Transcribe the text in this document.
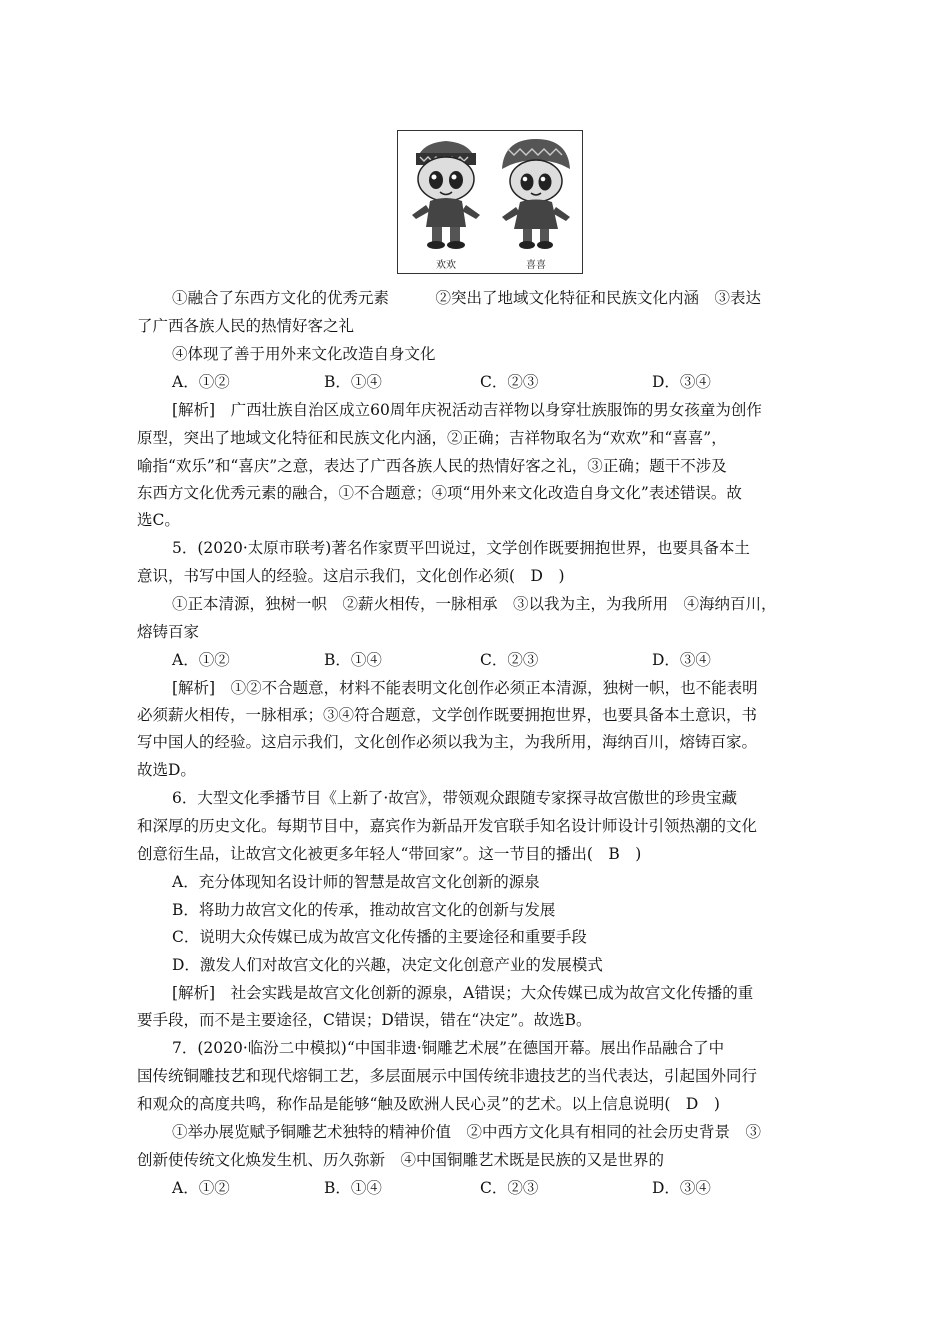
欢欢	喜喜
①融合了东西方文化的优秀元素　　　②突出了地域文化特征和民族文化内涵　③表达
了广西各族人民的热情好客之礼
④体现了善于用外来文化改造自身文化
A．①②	B．①④	C．②③	D．③④
[解析]　广西壮族自治区成立60周年庆祝活动吉祥物以身穿壮族服饰的男女孩童为创作
原型，突出了地域文化特征和民族文化内涵，②正确；吉祥物取名为“欢欢”和“喜喜”，
喻指“欢乐”和“喜庆”之意，表达了广西各族人民的热情好客之礼，③正确；题干不涉及
东西方文化优秀元素的融合，①不合题意；④项“用外来文化改造自身文化”表述错误。故
选C。
5．(2020·太原市联考)著名作家贾平凹说过，文学创作既要拥抱世界，也要具备本土
意识，书写中国人的经验。这启示我们，文化创作必须(　D　)
①正本清源，独树一帜　②薪火相传，一脉相承　③以我为主，为我所用　④海纳百川，
熔铸百家
A．①②	B．①④	C．②③	D．③④
[解析]　①②不合题意，材料不能表明文化创作必须正本清源，独树一帜，也不能表明
必须薪火相传，一脉相承；③④符合题意，文学创作既要拥抱世界，也要具备本土意识，书
写中国人的经验。这启示我们，文化创作必须以我为主，为我所用，海纳百川，熔铸百家。
故选D。
6．大型文化季播节目《上新了·故宫》，带领观众跟随专家探寻故宫傲世的珍贵宝藏
和深厚的历史文化。每期节目中，嘉宾作为新品开发官联手知名设计师设计引领热潮的文化
创意衍生品，让故宫文化被更多年轻人“带回家”。这一节目的播出(　B　)
A．充分体现知名设计师的智慧是故宫文化创新的源泉
B．将助力故宫文化的传承，推动故宫文化的创新与发展
C．说明大众传媒已成为故宫文化传播的主要途径和重要手段
D．激发人们对故宫文化的兴趣，决定文化创意产业的发展模式
[解析]　社会实践是故宫文化创新的源泉，A错误；大众传媒已成为故宫文化传播的重
要手段，而不是主要途径，C错误；D错误，错在“决定”。故选B。
7．(2020·临汾二中模拟)“中国非遗·铜雕艺术展”在德国开幕。展出作品融合了中
国传统铜雕技艺和现代熔铜工艺，多层面展示中国传统非遗技艺的当代表达，引起国外同行
和观众的高度共鸣，称作品是能够“触及欧洲人民心灵”的艺术。以上信息说明(　D　)
①举办展览赋予铜雕艺术独特的精神价值　②中西方文化具有相同的社会历史背景　③
创新使传统文化焕发生机、历久弥新　④中国铜雕艺术既是民族的又是世界的
A．①②	B．①④	C．②③	D．③④
